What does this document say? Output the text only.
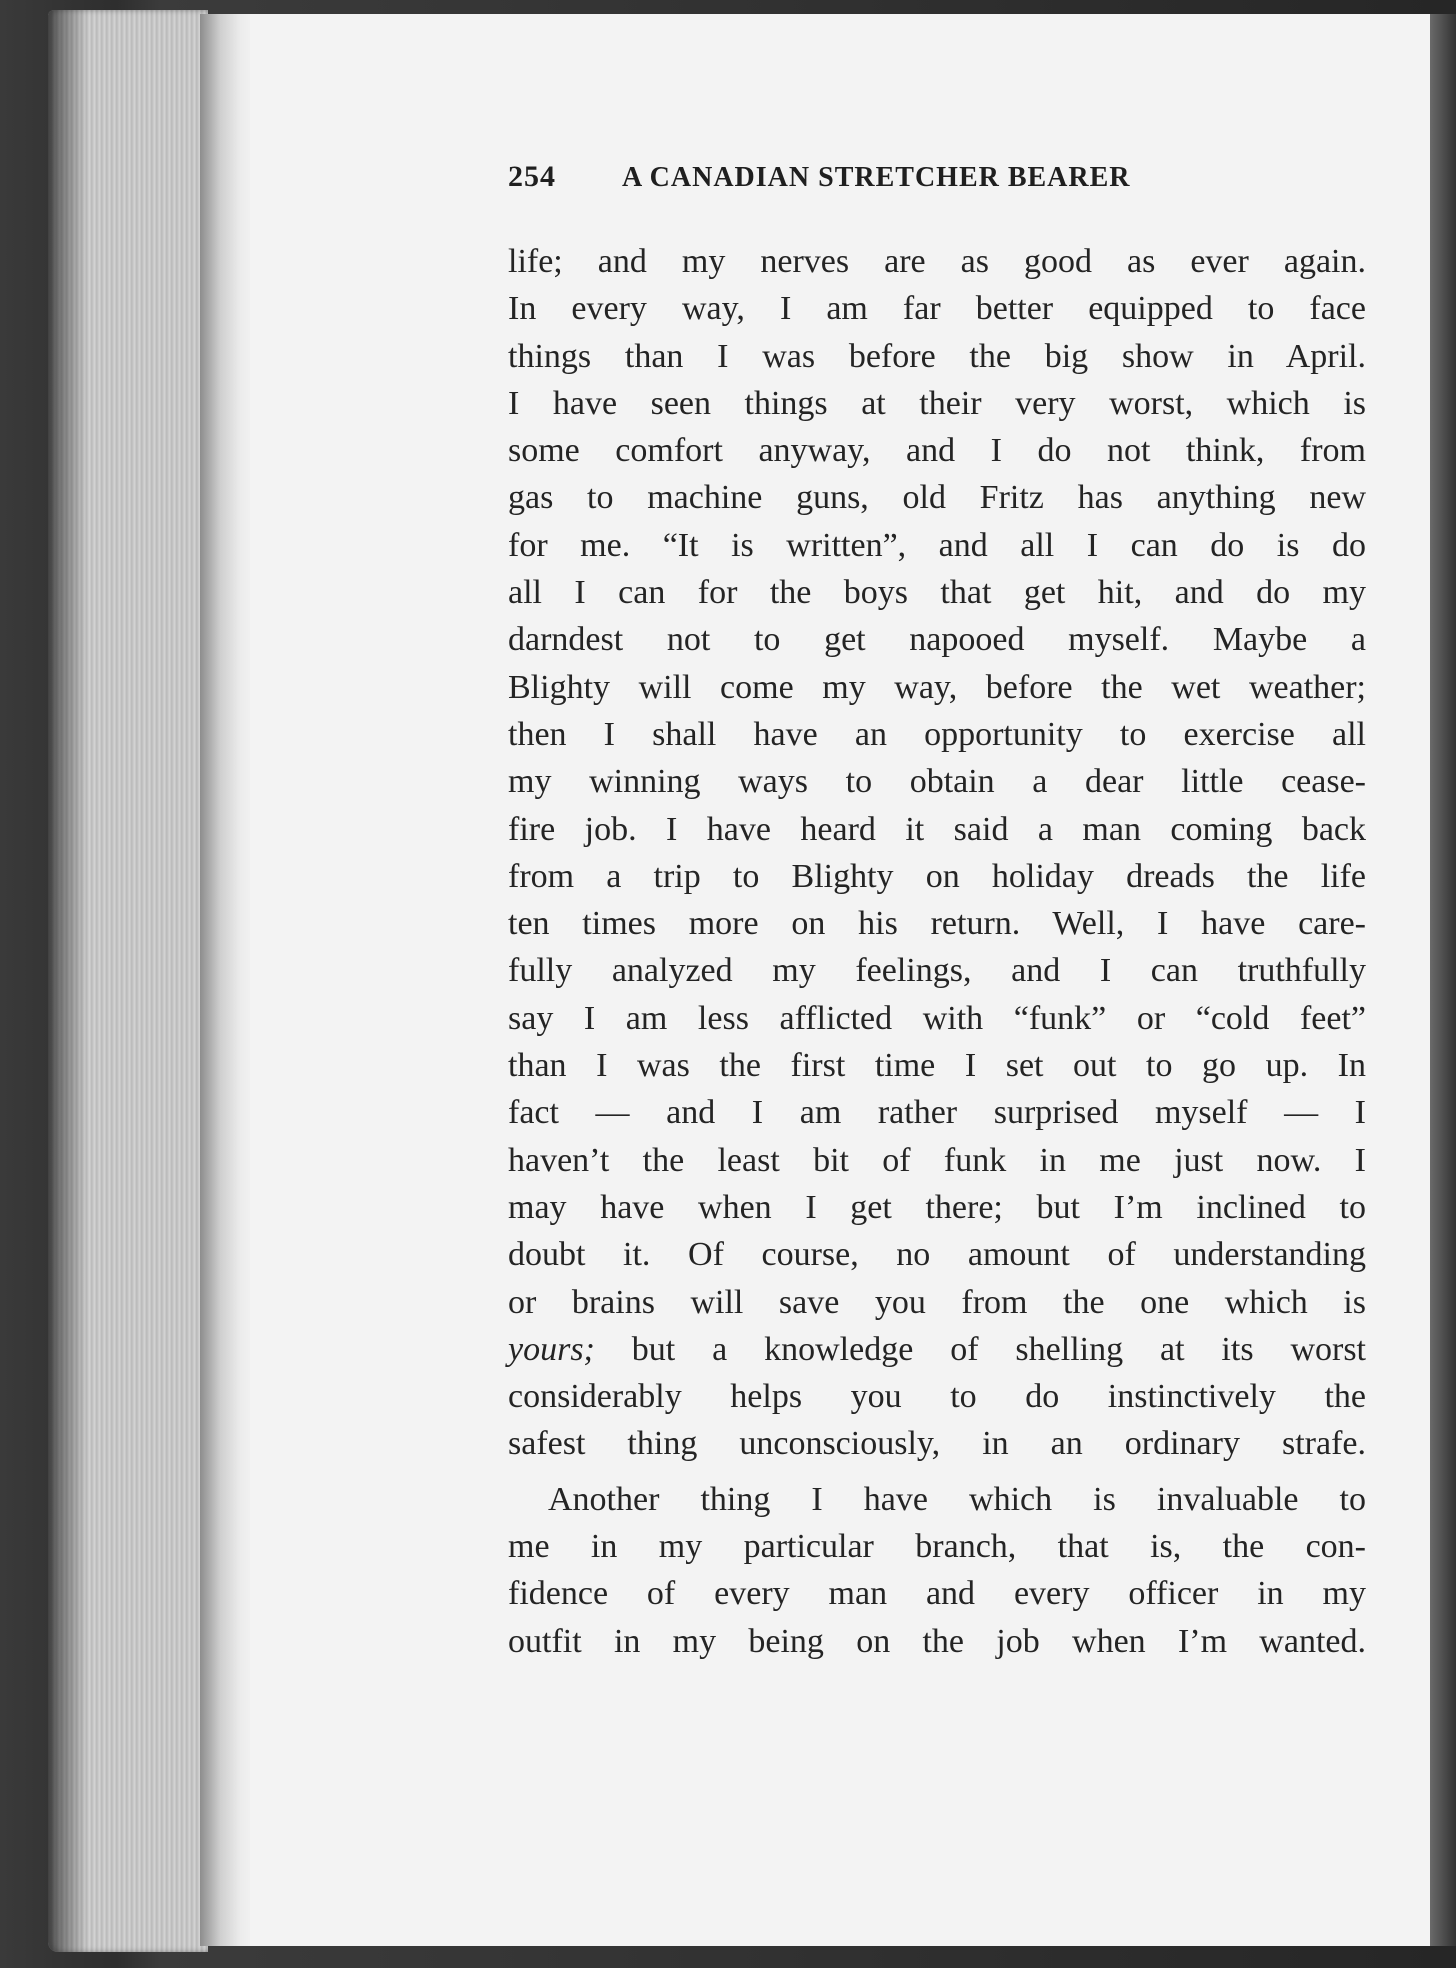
254 A CANADIAN STRETCHER BEARER
life; and my nerves are as good as ever again.
In every way, I am far better equipped to face
things than I was before the big show in April.
I have seen things at their very worst, which is
some comfort anyway, and I do not think, from
gas to machine guns, old Fritz has anything new
for me. “It is written”, and all I can do is do
all I can for the boys that get hit, and do my
darndest not to get napooed myself. Maybe a
Blighty will come my way, before the wet weather;
then I shall have an opportunity to exercise all
my winning ways to obtain a dear little cease-
fire job. I have heard it said a man coming back
from a trip to Blighty on holiday dreads the life
ten times more on his return. Well, I have care-
fully analyzed my feelings, and I can truthfully
say I am less afflicted with “funk” or “cold feet”
than I was the first time I set out to go up. In
fact — and I am rather surprised myself — I
haven’t the least bit of funk in me just now. I
may have when I get there; but I’m inclined to
doubt it. Of course, no amount of understanding
or brains will save you from the one which is
yours; but a knowledge of shelling at its worst
considerably helps you to do instinctively the
safest thing unconsciously, in an ordinary strafe.
Another thing I have which is invaluable to
me in my particular branch, that is, the con-
fidence of every man and every officer in my
outfit in my being on the job when I’m wanted.
